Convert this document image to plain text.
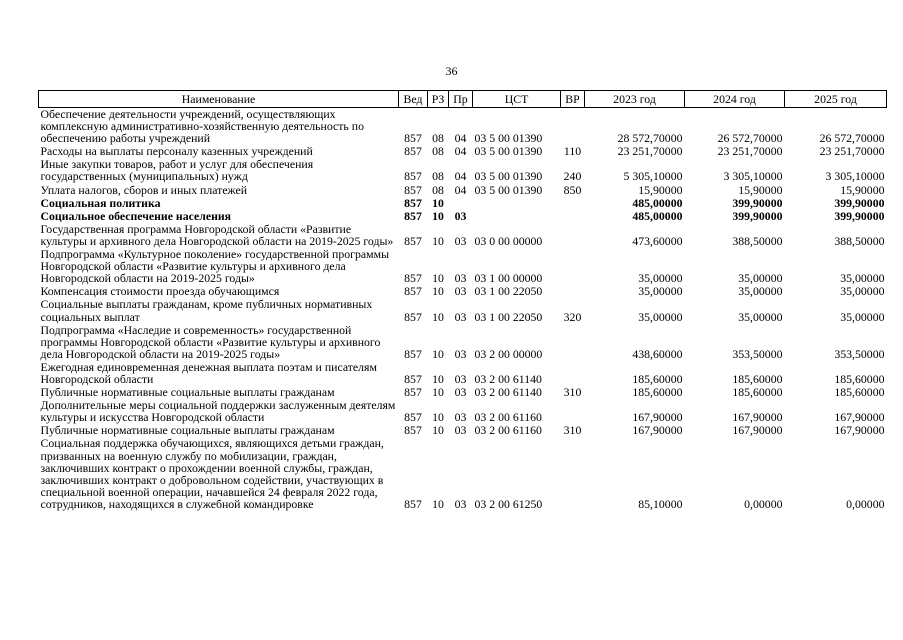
36
Наименование	Вед	РЗ	Пр	ЦСТ	ВР	2023 год	2024 год	2025 год
Обеспечение деятельности учреждений, осуществляющих комплексную административно-хозяйственную деятельность по обеспечению работы учреждений	857	08	04	03 5 00 01390		28 572,70000	26 572,70000	26 572,70000
Расходы на выплаты персоналу казенных учреждений	857	08	04	03 5 00 01390	110	23 251,70000	23 251,70000	23 251,70000
Иные закупки товаров, работ и услуг для обеспечения государственных (муниципальных) нужд	857	08	04	03 5 00 01390	240	5 305,10000	3 305,10000	3 305,10000
Уплата налогов, сборов и иных платежей	857	08	04	03 5 00 01390	850	15,90000	15,90000	15,90000
Социальная политика	857	10				485,00000	399,90000	399,90000
Социальное обеспечение населения	857	10	03			485,00000	399,90000	399,90000
Государственная программа Новгородской области «Развитие культуры и архивного дела Новгородской области на 2019-2025 годы»	857	10	03	03 0 00 00000		473,60000	388,50000	388,50000
Подпрограмма «Культурное поколение» государственной программы Новгородской области «Развитие культуры и архивного дела Новгородской области на 2019-2025 годы»	857	10	03	03 1 00 00000		35,00000	35,00000	35,00000
Компенсация стоимости проезда обучающимся	857	10	03	03 1 00 22050		35,00000	35,00000	35,00000
Социальные выплаты гражданам, кроме публичных нормативных социальных выплат	857	10	03	03 1 00 22050	320	35,00000	35,00000	35,00000
Подпрограмма «Наследие и современность» государственной программы Новгородской области «Развитие культуры и архивного дела Новгородской области на 2019-2025 годы»	857	10	03	03 2 00 00000		438,60000	353,50000	353,50000
Ежегодная единовременная денежная выплата поэтам и писателям Новгородской области	857	10	03	03 2 00 61140		185,60000	185,60000	185,60000
Публичные нормативные социальные выплаты гражданам	857	10	03	03 2 00 61140	310	185,60000	185,60000	185,60000
Дополнительные меры социальной поддержки заслуженным деятелям культуры и искусства Новгородской области	857	10	03	03 2 00 61160		167,90000	167,90000	167,90000
Публичные нормативные социальные выплаты гражданам	857	10	03	03 2 00 61160	310	167,90000	167,90000	167,90000
Социальная поддержка обучающихся, являющихся детьми граждан, призванных на военную службу по мобилизации, граждан, заключивших контракт о прохождении военной службы, граждан, заключивших контракт о добровольном содействии, участвующих в специальной военной операции, начавшейся 24 февраля 2022 года, сотрудников, находящихся в служебной командировке	857	10	03	03 2 00 61250		85,10000	0,00000	0,00000
